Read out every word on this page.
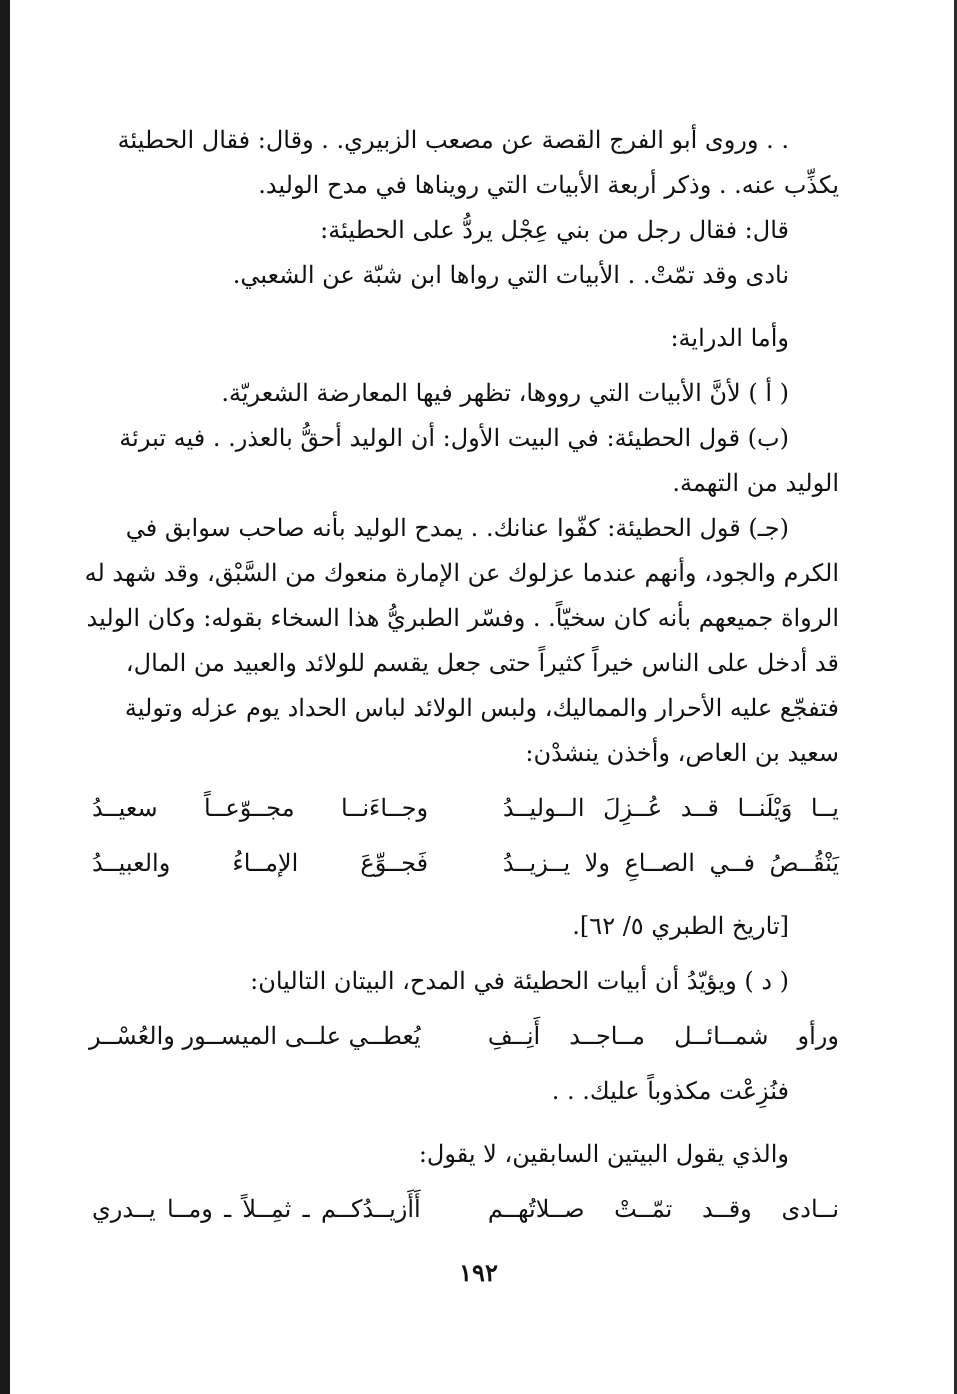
. . وروى أبو الفرج القصة عن مصعب الزبيري. . وقال: فقال الحطيئة
يكذِّب عنه. . وذكر أربعة الأبيات التي رويناها في مدح الوليد.
قال: فقال رجل من بني عِجْل يردُّ على الحطيئة:
نادى وقد تمّتْ. . الأبيات التي رواها ابن شبّة عن الشعبي.
وأما الدراية:
( أ ) لأنَّ الأبيات التي رووها، تظهر فيها المعارضة الشعريّة.
(ب) قول الحطيئة: في البيت الأول: أن الوليد أحقُّ بالعذر. . فيه تبرئة
الوليد من التهمة.
(جـ) قول الحطيئة: كفّوا عنانك. . يمدح الوليد بأنه صاحب سوابق في
الكرم والجود، وأنهم عندما عزلوك عن الإمارة منعوك من السَّبْق، وقد شهد له
الرواة جميعهم بأنه كان سخيّاً. . وفسّر الطبريُّ هذا السخاء بقوله: وكان الوليد
قد أدخل على الناس خيراً كثيراً حتى جعل يقسم للولائد والعبيد من المال،
فتفجّع عليه الأحرار والمماليك، ولبس الولائد لباس الحداد يوم عزله وتولية
سعيد بن العاص، وأخذن ينشدْن:
يــا وَيْلَنــا قــد عُــزِلَ الــوليــدُ
وجــاءَنــا مجــوّعــاً سعيــدُ
يَنْقُــصُ فــي الصــاعِ ولا يــزيــدُ
فَجــوِّعَ الإمــاءُ والعبيــدُ
[تاريخ الطبري ٥/ ٦٢].
( د ) ويؤيّدُ أن أبيات الحطيئة في المدح، البيتان التاليان:
ورأو شمــائــل مــاجــد أَنِــفِ
يُعطــي علــى الميســور والعُسْــر
فنُزِعْت مكذوباً عليك. . .
والذي يقول البيتين السابقين، لا يقول:
نــادى وقــد تمّــتْ صــلاتُهــم
أَأَزيــدُكــم ـ ثمِــلاً ـ ومــا يــدري
١٩٢
